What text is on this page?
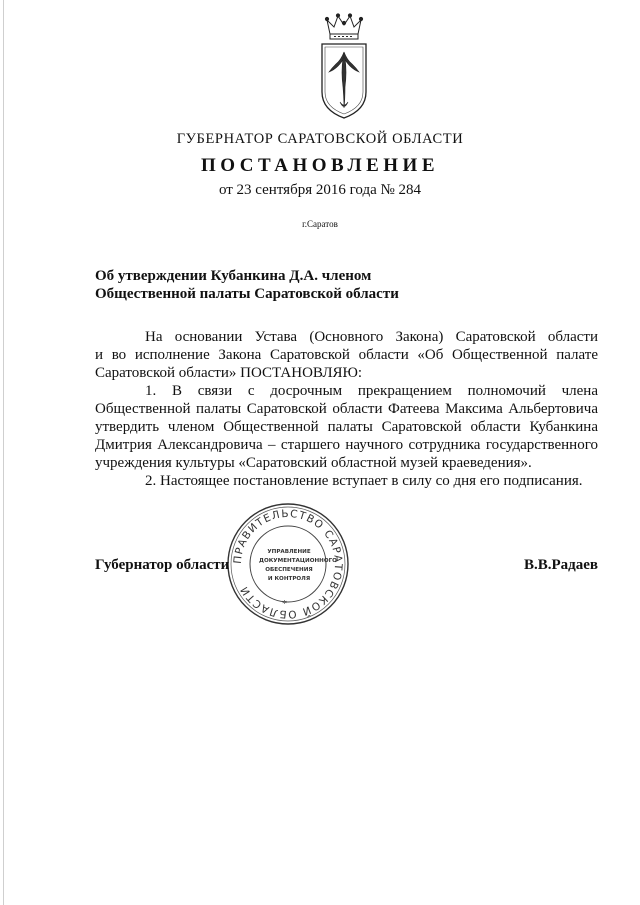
ГУБЕРНАТОР САРАТОВСКОЙ ОБЛАСТИ
ПОСТАНОВЛЕНИЕ
от 23 сентября 2016 года № 284
г.Саратов
Об утверждении Кубанкина Д.А. членом
Общественной палаты Саратовской области
На основании Устава (Основного Закона) Саратовской области
и во исполнение Закона Саратовской области «Об Общественной палате
Саратовской области» ПОСТАНОВЛЯЮ:
1. В связи с досрочным прекращением полномочий члена
Общественной палаты Саратовской области Фатеева Максима Альбертовича
утвердить членом Общественной палаты Саратовской области Кубанкина
Дмитрия Александровича – старшего научного сотрудника государственного
учреждения культуры «Саратовский областной музей краеведения».
2. Настоящее постановление вступает в силу со дня его подписания.
ПРАВИТЕЛЬСТВО САРАТОВСКОЙ ОБЛАСТИ
УПРАВЛЕНИЕ
ДОКУМЕНТАЦИОННОГО
ОБЕСПЕЧЕНИЯ
И КОНТРОЛЯ
*
Губернатор области	В.В.Радаев
